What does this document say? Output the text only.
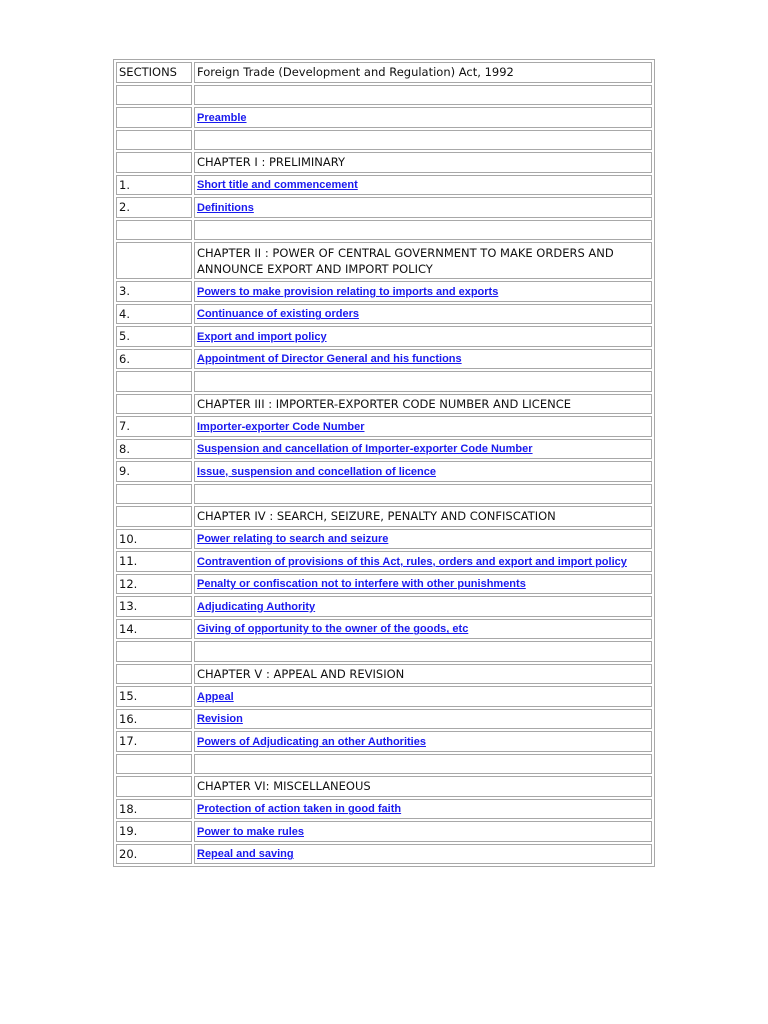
SECTIONS	Foreign Trade (Development and Regulation) Act, 1992

	Preamble

	CHAPTER I : PRELIMINARY
1.	Short title and commencement
2.	Definitions

	CHAPTER II : POWER OF CENTRAL GOVERNMENT TO MAKE ORDERS AND ANNOUNCE EXPORT AND IMPORT POLICY
3.	Powers to make provision relating to imports and exports
4.	Continuance of existing orders
5.	Export and import policy
6.	Appointment of Director General and his functions

	CHAPTER III : IMPORTER-EXPORTER CODE NUMBER AND LICENCE
7.	Importer-exporter Code Number
8.	Suspension and cancellation of Importer-exporter Code Number
9.	Issue, suspension and concellation of licence

	CHAPTER IV : SEARCH, SEIZURE, PENALTY AND CONFISCATION
10.	Power relating to search and seizure
11.	Contravention of provisions of this Act, rules, orders and export and import policy
12.	Penalty or confiscation not to interfere with other punishments
13.	Adjudicating Authority
14.	Giving of opportunity to the owner of the goods, etc

	CHAPTER V : APPEAL AND REVISION
15.	Appeal
16.	Revision
17.	Powers of Adjudicating an other Authorities

	CHAPTER VI: MISCELLANEOUS
18.	Protection of action taken in good faith
19.	Power to make rules
20.	Repeal and saving
